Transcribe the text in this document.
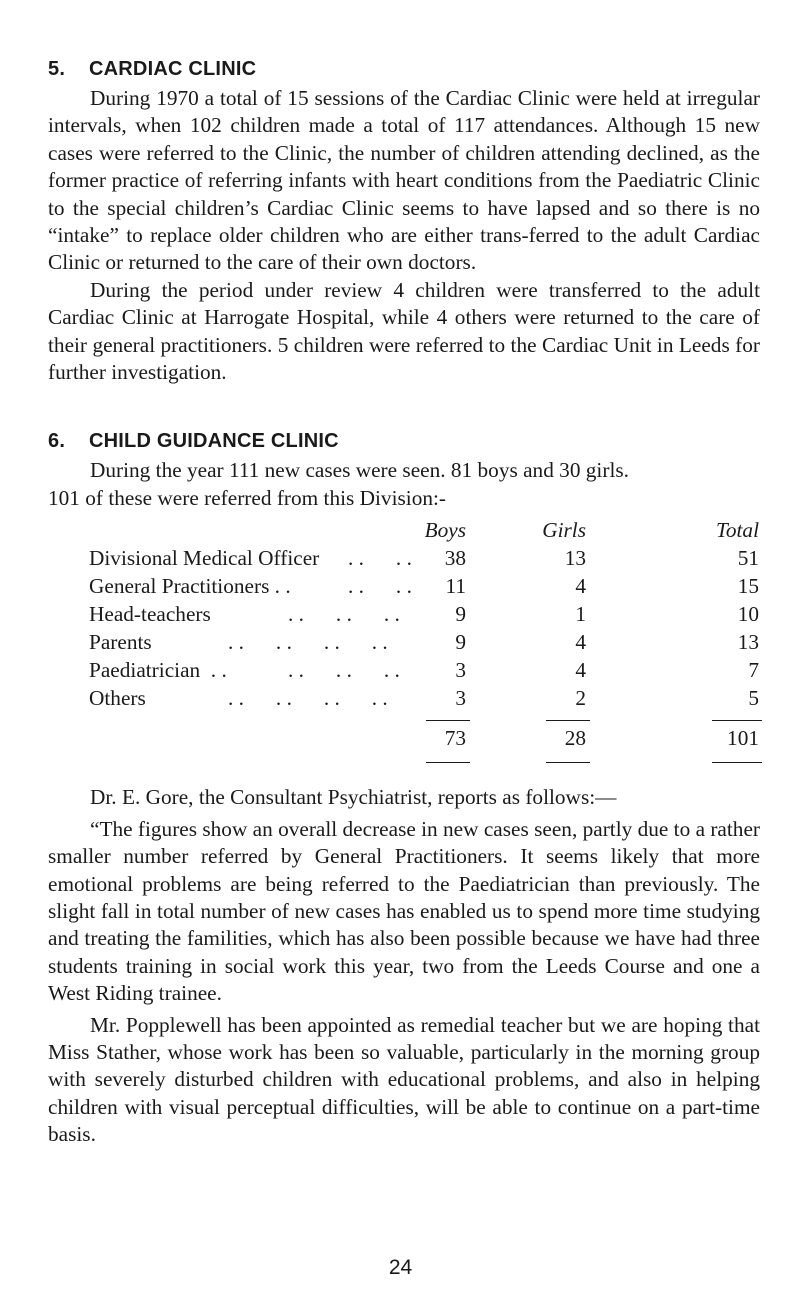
5. CARDIAC CLINIC

During 1970 a total of 15 sessions of the Cardiac Clinic were held at irregular intervals, when 102 children made a total of 117 attendances. Although 15 new cases were referred to the Clinic, the number of children attending declined, as the former practice of referring infants with heart conditions from the Paediatric Clinic to the special children’s Cardiac Clinic seems to have lapsed and so there is no “intake” to replace older children who are either trans-ferred to the adult Cardiac Clinic or returned to the care of their own doctors.

During the period under review 4 children were transferred to the adult Cardiac Clinic at Harrogate Hospital, while 4 others were returned to the care of their general practitioners. 5 children were referred to the Cardiac Unit in Leeds for further investigation.

6. CHILD GUIDANCE CLINIC

During the year 111 new cases were seen. 81 boys and 30 girls.

101 of these were referred from this Division:-

Boys	Girls	Total
Divisional Medical Officer . .      . .	38	13	51
General Practitioners . .	. .      . .	11	4	15
Head-teachers	. .      . .      . .	9	1	10
Parents	. .      . .      . .      . .	9	4	13
Paediatrician  . .	. .      . .      . .	3	4	7
Others	. .      . .      . .      . .	3	2	5
73	28	101

Dr. E. Gore, the Consultant Psychiatrist, reports as follows:—

“The figures show an overall decrease in new cases seen, partly due to a rather smaller number referred by General Practitioners. It seems likely that more emotional problems are being referred to the Paediatrician than previously. The slight fall in total number of new cases has enabled us to spend more time studying and treating the familities, which has also been possible because we have had three students training in social work this year, two from the Leeds Course and one a West Riding trainee.

Mr. Popplewell has been appointed as remedial teacher but we are hoping that Miss Stather, whose work has been so valuable, particularly in the morning group with severely disturbed children with educational problems, and also in helping children with visual perceptual difficulties, will be able to continue on a part-time basis.

24
